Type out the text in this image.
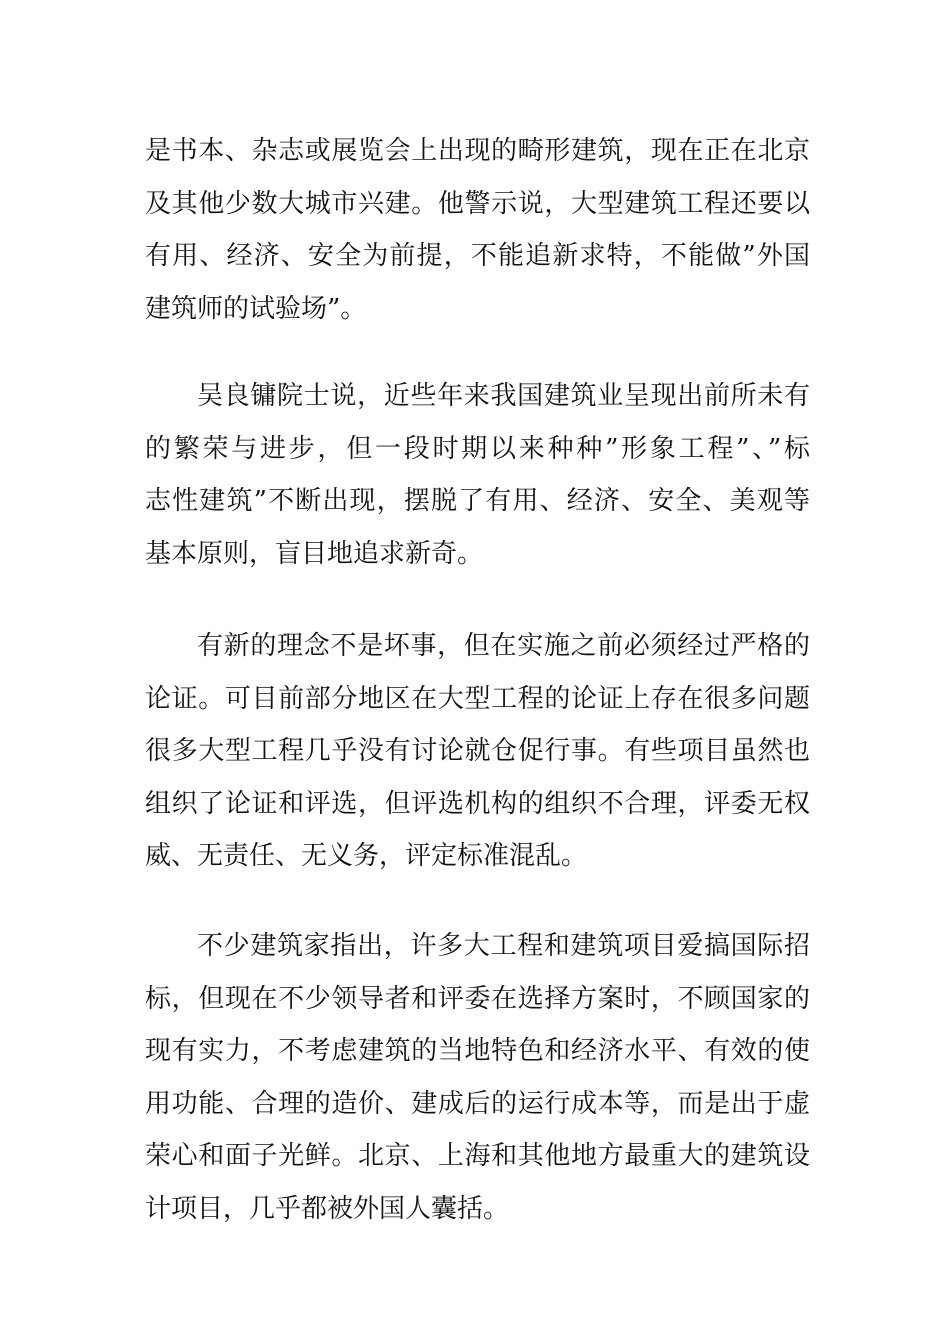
是书本、杂志或展览会上出现的畸形建筑，现在正在北京
及其他少数大城市兴建。他警示说，大型建筑工程还要以
有用、经济、安全为前提，不能追新求特，不能做”外国
建筑师的试验场”。
吴良镛院士说，近些年来我国建筑业呈现出前所未有
的繁荣与进步，但一段时期以来种种”形象工程”、”标
志性建筑”不断出现，摆脱了有用、经济、安全、美观等
基本原则，盲目地追求新奇。
有新的理念不是坏事，但在实施之前必须经过严格的
论证。可目前部分地区在大型工程的论证上存在很多问题
很多大型工程几乎没有讨论就仓促行事。有些项目虽然也
组织了论证和评选，但评选机构的组织不合理，评委无权
威、无责任、无义务，评定标准混乱。
不少建筑家指出，许多大工程和建筑项目爱搞国际招
标，但现在不少领导者和评委在选择方案时，不顾国家的
现有实力，不考虑建筑的当地特色和经济水平、有效的使
用功能、合理的造价、建成后的运行成本等，而是出于虚
荣心和面子光鲜。北京、上海和其他地方最重大的建筑设
计项目，几乎都被外国人囊括。
